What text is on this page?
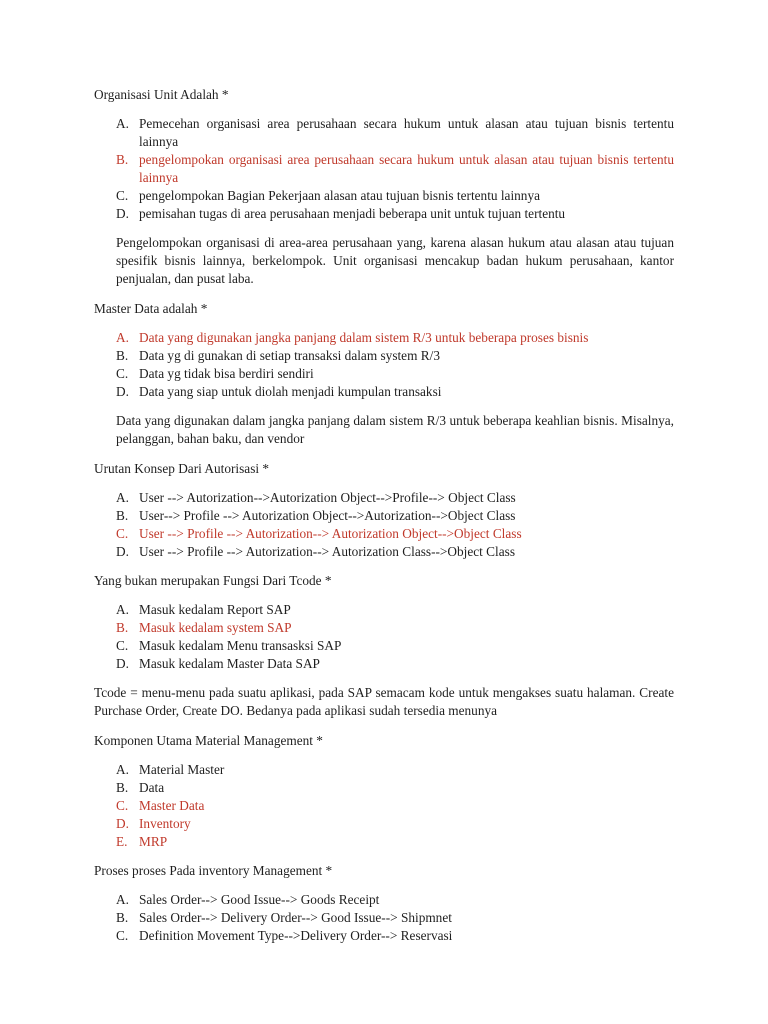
Organisasi Unit Adalah *

A. Pemecehan organisasi area perusahaan secara hukum untuk alasan atau tujuan bisnis tertentu lainnya
B. pengelompokan organisasi area perusahaan secara hukum untuk alasan atau tujuan bisnis tertentu lainnya
C. pengelompokan Bagian Pekerjaan alasan atau tujuan bisnis tertentu lainnya
D. pemisahan tugas di area perusahaan menjadi beberapa unit untuk tujuan tertentu

Pengelompokan organisasi di area-area perusahaan yang, karena alasan hukum atau alasan atau tujuan spesifik bisnis lainnya, berkelompok. Unit organisasi mencakup badan hukum perusahaan, kantor penjualan, dan pusat laba.

Master Data adalah *

A. Data yang digunakan jangka panjang dalam sistem R/3 untuk beberapa proses bisnis
B. Data yg di gunakan di setiap transaksi dalam system R/3
C. Data yg tidak bisa berdiri sendiri
D. Data yang siap untuk diolah menjadi kumpulan transaksi

Data yang digunakan dalam jangka panjang dalam sistem R/3 untuk beberapa keahlian bisnis. Misalnya, pelanggan, bahan baku, dan vendor

Urutan Konsep Dari Autorisasi *

A. User --> Autorization-->Autorization Object-->Profile--> Object Class
B. User--> Profile --> Autorization Object-->Autorization-->Object Class
C. User --> Profile --> Autorization--> Autorization Object-->Object Class
D. User --> Profile --> Autorization--> Autorization Class-->Object Class

Yang bukan merupakan Fungsi Dari Tcode *

A. Masuk kedalam Report SAP
B. Masuk kedalam system SAP
C. Masuk kedalam Menu transasksi SAP
D. Masuk kedalam Master Data SAP

Tcode = menu-menu pada suatu aplikasi, pada SAP semacam kode untuk mengakses suatu halaman. Create Purchase Order, Create DO. Bedanya pada aplikasi sudah tersedia menunya

Komponen Utama Material Management *

A. Material Master
B. Data
C. Master Data
D. Inventory
E. MRP

Proses proses Pada inventory Management *

A. Sales Order--> Good Issue--> Goods Receipt
B. Sales Order--> Delivery Order--> Good Issue--> Shipmnet
C. Definition Movement Type-->Delivery Order--> Reservasi
